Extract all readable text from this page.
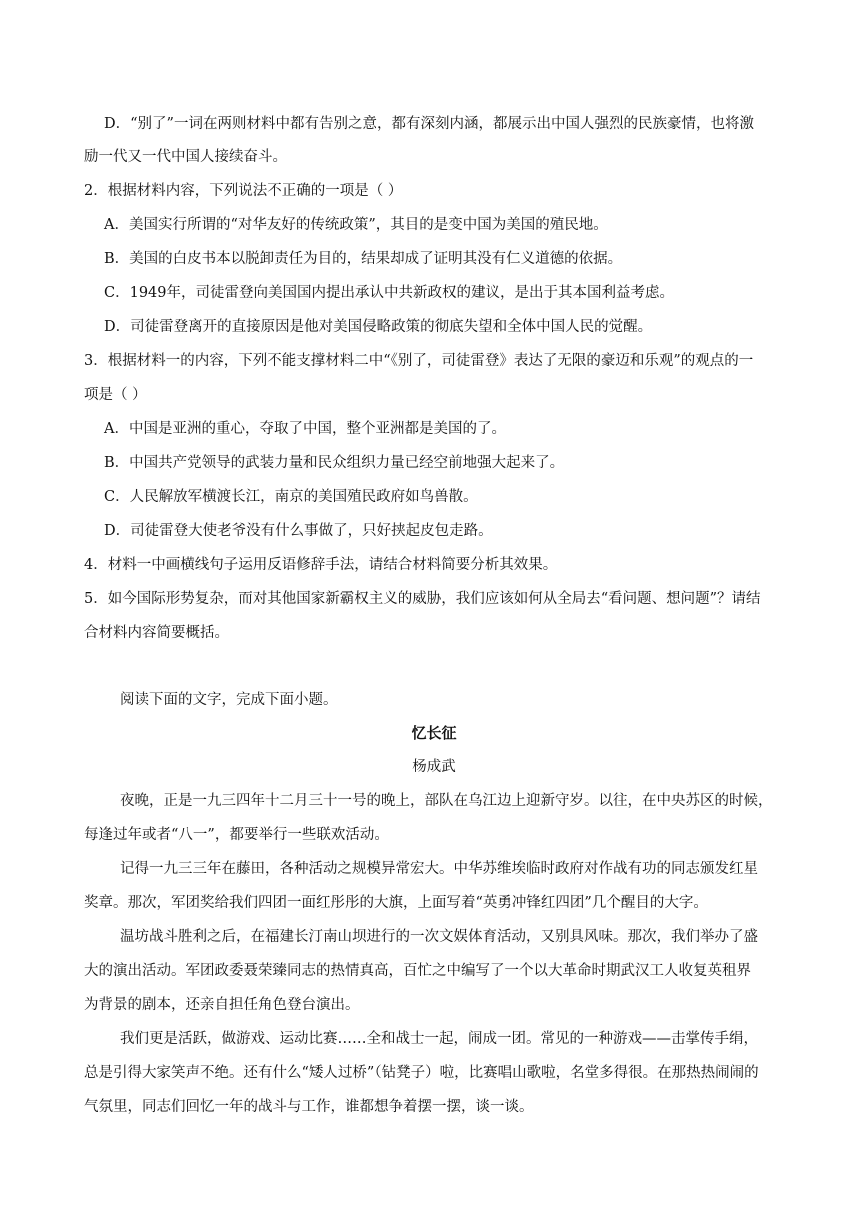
D．“别了”一词在两则材料中都有告别之意，都有深刻内涵，都展示出中国人强烈的民族豪情，也将激
励一代又一代中国人接续奋斗。
2．根据材料内容，下列说法不正确的一项是（ ）
A．美国实行所谓的“对华友好的传统政策”，其目的是变中国为美国的殖民地。
B．美国的白皮书本以脱卸责任为目的，结果却成了证明其没有仁义道德的依据。
C．1949年，司徒雷登向美国国内提出承认中共新政权的建议，是出于其本国利益考虑。
D．司徒雷登离开的直接原因是他对美国侵略政策的彻底失望和全体中国人民的觉醒。
3．根据材料一的内容，下列不能支撑材料二中“《别了，司徒雷登》表达了无限的豪迈和乐观”的观点的一
项是（ ）
A．中国是亚洲的重心，夺取了中国，整个亚洲都是美国的了。
B．中国共产党领导的武装力量和民众组织力量已经空前地强大起来了。
C．人民解放军横渡长江，南京的美国殖民政府如鸟兽散。
D．司徒雷登大使老爷没有什么事做了，只好挟起皮包走路。
4．材料一中画横线句子运用反语修辞手法，请结合材料简要分析其效果。
5．如今国际形势复杂，而对其他国家新霸权主义的威胁，我们应该如何从全局去“看问题、想问题”？请结
合材料内容简要概括。
阅读下面的文字，完成下面小题。
忆长征
杨成武
夜晚，正是一九三四年十二月三十一号的晚上，部队在乌江边上迎新守岁。以往，在中央苏区的时候，
每逢过年或者“八一”，都要举行一些联欢活动。
记得一九三三年在藤田，各种活动之规模异常宏大。中华苏维埃临时政府对作战有功的同志颁发红星
奖章。那次，军团奖给我们四团一面红彤彤的大旗，上面写着“英勇冲锋红四团”几个醒目的大字。
温坊战斗胜利之后，在福建长汀南山坝进行的一次文娱体育活动，又别具风味。那次，我们举办了盛
大的演出活动。军团政委聂荣臻同志的热情真高，百忙之中编写了一个以大革命时期武汉工人收复英租界
为背景的剧本，还亲自担任角色登台演出。
我们更是活跃，做游戏、运动比赛……全和战士一起，闹成一团。常见的一种游戏——击掌传手绢，
总是引得大家笑声不绝。还有什么“矮人过桥”（钻凳子）啦，比赛唱山歌啦，名堂多得很。在那热热闹闹的
气氛里，同志们回忆一年的战斗与工作，谁都想争着摆一摆，谈一谈。
